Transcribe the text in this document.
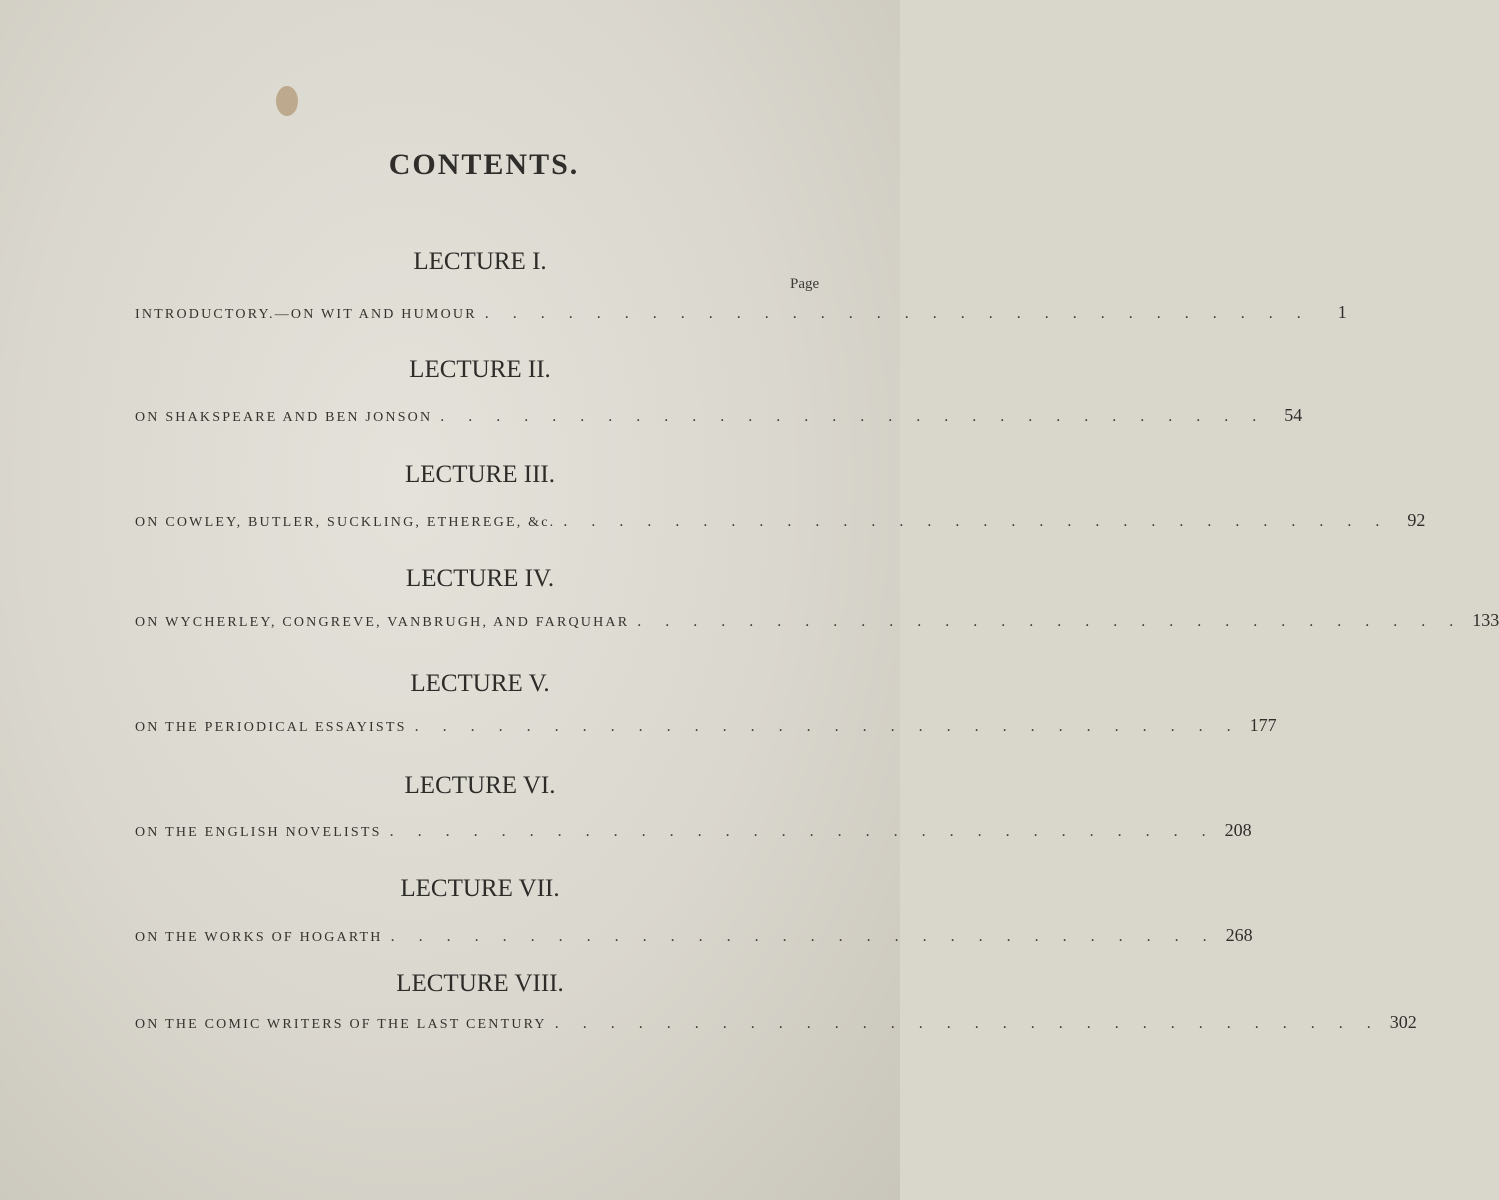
CONTENTS.
LECTURE I.
Page
INTRODUCTORY.—ON WIT AND HUMOUR . . . . . . . . . . . . . . . . . . . . . . . . . . . . . .	1
LECTURE II.
ON SHAKSPEARE AND BEN JONSON . . . . . . . . . . . . . . . . . . . . . . . . . . . . . .	54
LECTURE III.
ON COWLEY, BUTLER, SUCKLING, ETHEREGE, &c. . . . . . . . . . . . . . . . . . . . . . . . . . . . . . .	92
LECTURE IV.
ON WYCHERLEY, CONGREVE, VANBRUGH, AND FARQUHAR . . . . . . . . . . . . . . . . . . . . . . . . . . . . . . 133
LECTURE V.
ON THE PERIODICAL ESSAYISTS . . . . . . . . . . . . . . . . . . . . . . . . . . . . . . 177
LECTURE VI.
ON THE ENGLISH NOVELISTS . . . . . . . . . . . . . . . . . . . . . . . . . . . . . . 208
LECTURE VII.
ON THE WORKS OF HOGARTH . . . . . . . . . . . . . . . . . . . . . . . . . . . . . . 268
LECTURE VIII.
ON THE COMIC WRITERS OF THE LAST CENTURY . . . . . . . . . . . . . . . . . . . . . . . . . . . . . . 302
